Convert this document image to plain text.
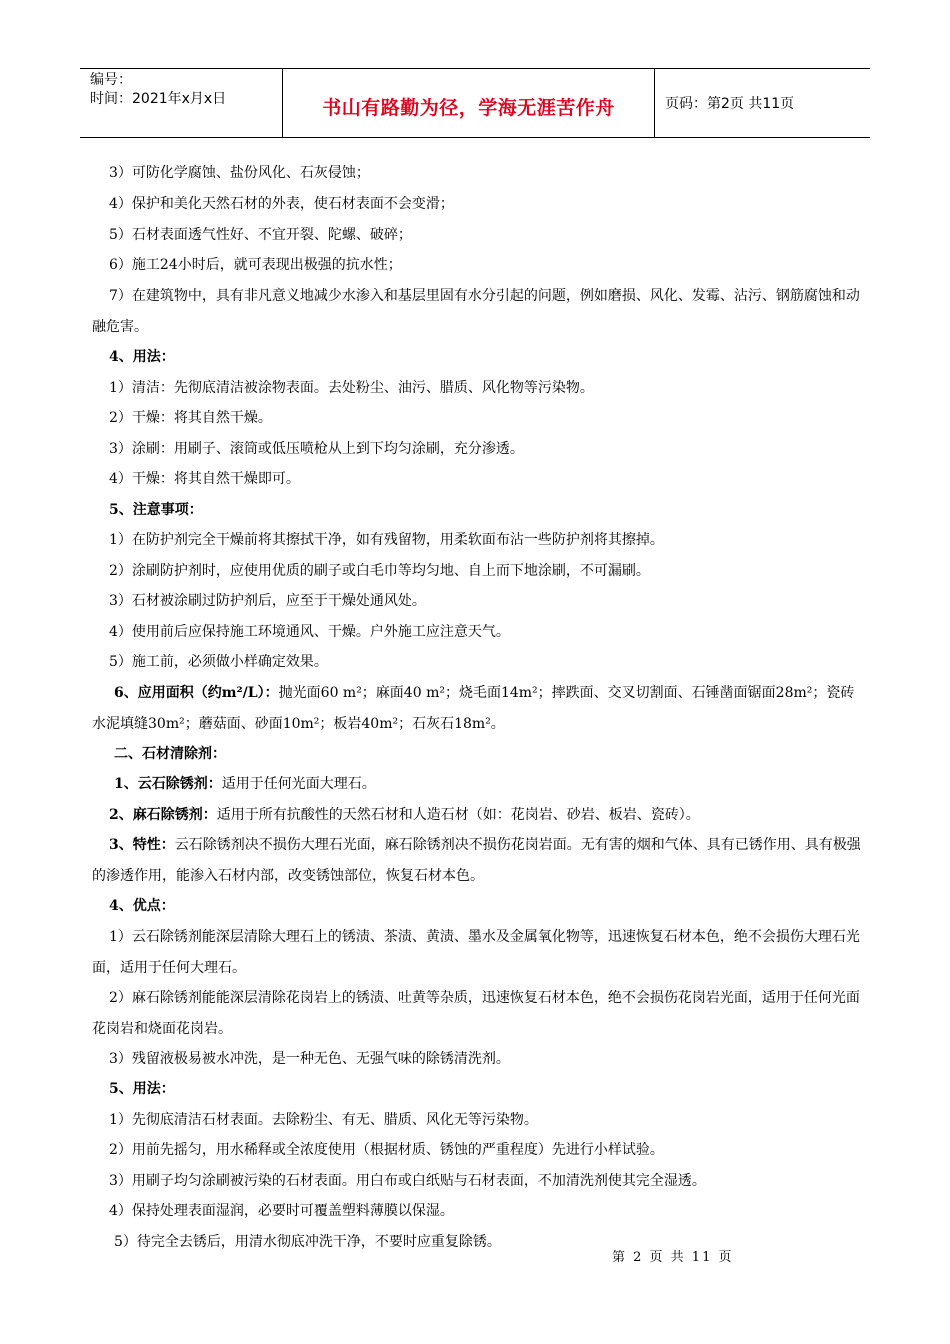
编号：
时间：2021年x月x日	书山有路勤为径，学海无涯苦作舟	页码：第2页 共11页
3）可防化学腐蚀、盐份风化、石灰侵蚀；
4）保护和美化天然石材的外表，使石材表面不会变滑；
5）石材表面透气性好、不宜开裂、陀螺、破碎；
6）施工24小时后，就可表现出极强的抗水性；
7）在建筑物中，具有非凡意义地减少水渗入和基层里固有水分引起的问题，例如磨损、风化、发霉、沾污、钢筋腐蚀和动融危害。
4、用法：
1）清洁：先彻底清洁被涂物表面。去处粉尘、油污、腊质、风化物等污染物。
2）干燥：将其自然干燥。
3）涂刷：用刷子、滚筒或低压喷枪从上到下均匀涂刷，充分渗透。
4）干燥：将其自然干燥即可。
5、注意事项：
1）在防护剂完全干燥前将其擦拭干净，如有残留物，用柔软面布沾一些防护剂将其擦掉。
2）涂刷防护剂时，应使用优质的刷子或白毛巾等均匀地、自上而下地涂刷，不可漏刷。
3）石材被涂刷过防护剂后，应至于干燥处通风处。
4）使用前后应保持施工环境通风、干燥。户外施工应注意天气。
5）施工前，必须做小样确定效果。
6、应用面积（约m²/L）：抛光面60 m²；麻面40 m²；烧毛面14m²；摔跌面、交叉切割面、石锤凿面锯面28m²；瓷砖水泥填缝30m²；蘑菇面、砂面10m²；板岩40m²；石灰石18m²。
二、石材清除剂：
1、云石除锈剂：适用于任何光面大理石。
2、麻石除锈剂：适用于所有抗酸性的天然石材和人造石材（如：花岗岩、砂岩、板岩、瓷砖）。
3、特性：云石除锈剂决不损伤大理石光面，麻石除锈剂决不损伤花岗岩面。无有害的烟和气体、具有已锈作用、具有极强的渗透作用，能渗入石材内部，改变锈蚀部位，恢复石材本色。
4、优点：
1）云石除锈剂能深层清除大理石上的锈渍、茶渍、黄渍、墨水及金属氧化物等，迅速恢复石材本色，绝不会损伤大理石光面，适用于任何大理石。
2）麻石除锈剂能能深层清除花岗岩上的锈渍、吐黄等杂质，迅速恢复石材本色，绝不会损伤花岗岩光面，适用于任何光面花岗岩和烧面花岗岩。
3）残留液极易被水冲洗，是一种无色、无强气味的除锈清洗剂。
5、用法：
1）先彻底清洁石材表面。去除粉尘、有无、腊质、风化无等污染物。
2）用前先摇匀，用水稀释或全浓度使用（根据材质、锈蚀的严重程度）先进行小样试验。
3）用刷子均匀涂刷被污染的石材表面。用白布或白纸贴与石材表面，不加清洗剂使其完全湿透。
4）保持处理表面湿润，必要时可覆盖塑料薄膜以保湿。
5）待完全去锈后，用清水彻底冲洗干净，不要时应重复除锈。
第 2 页 共 11 页
